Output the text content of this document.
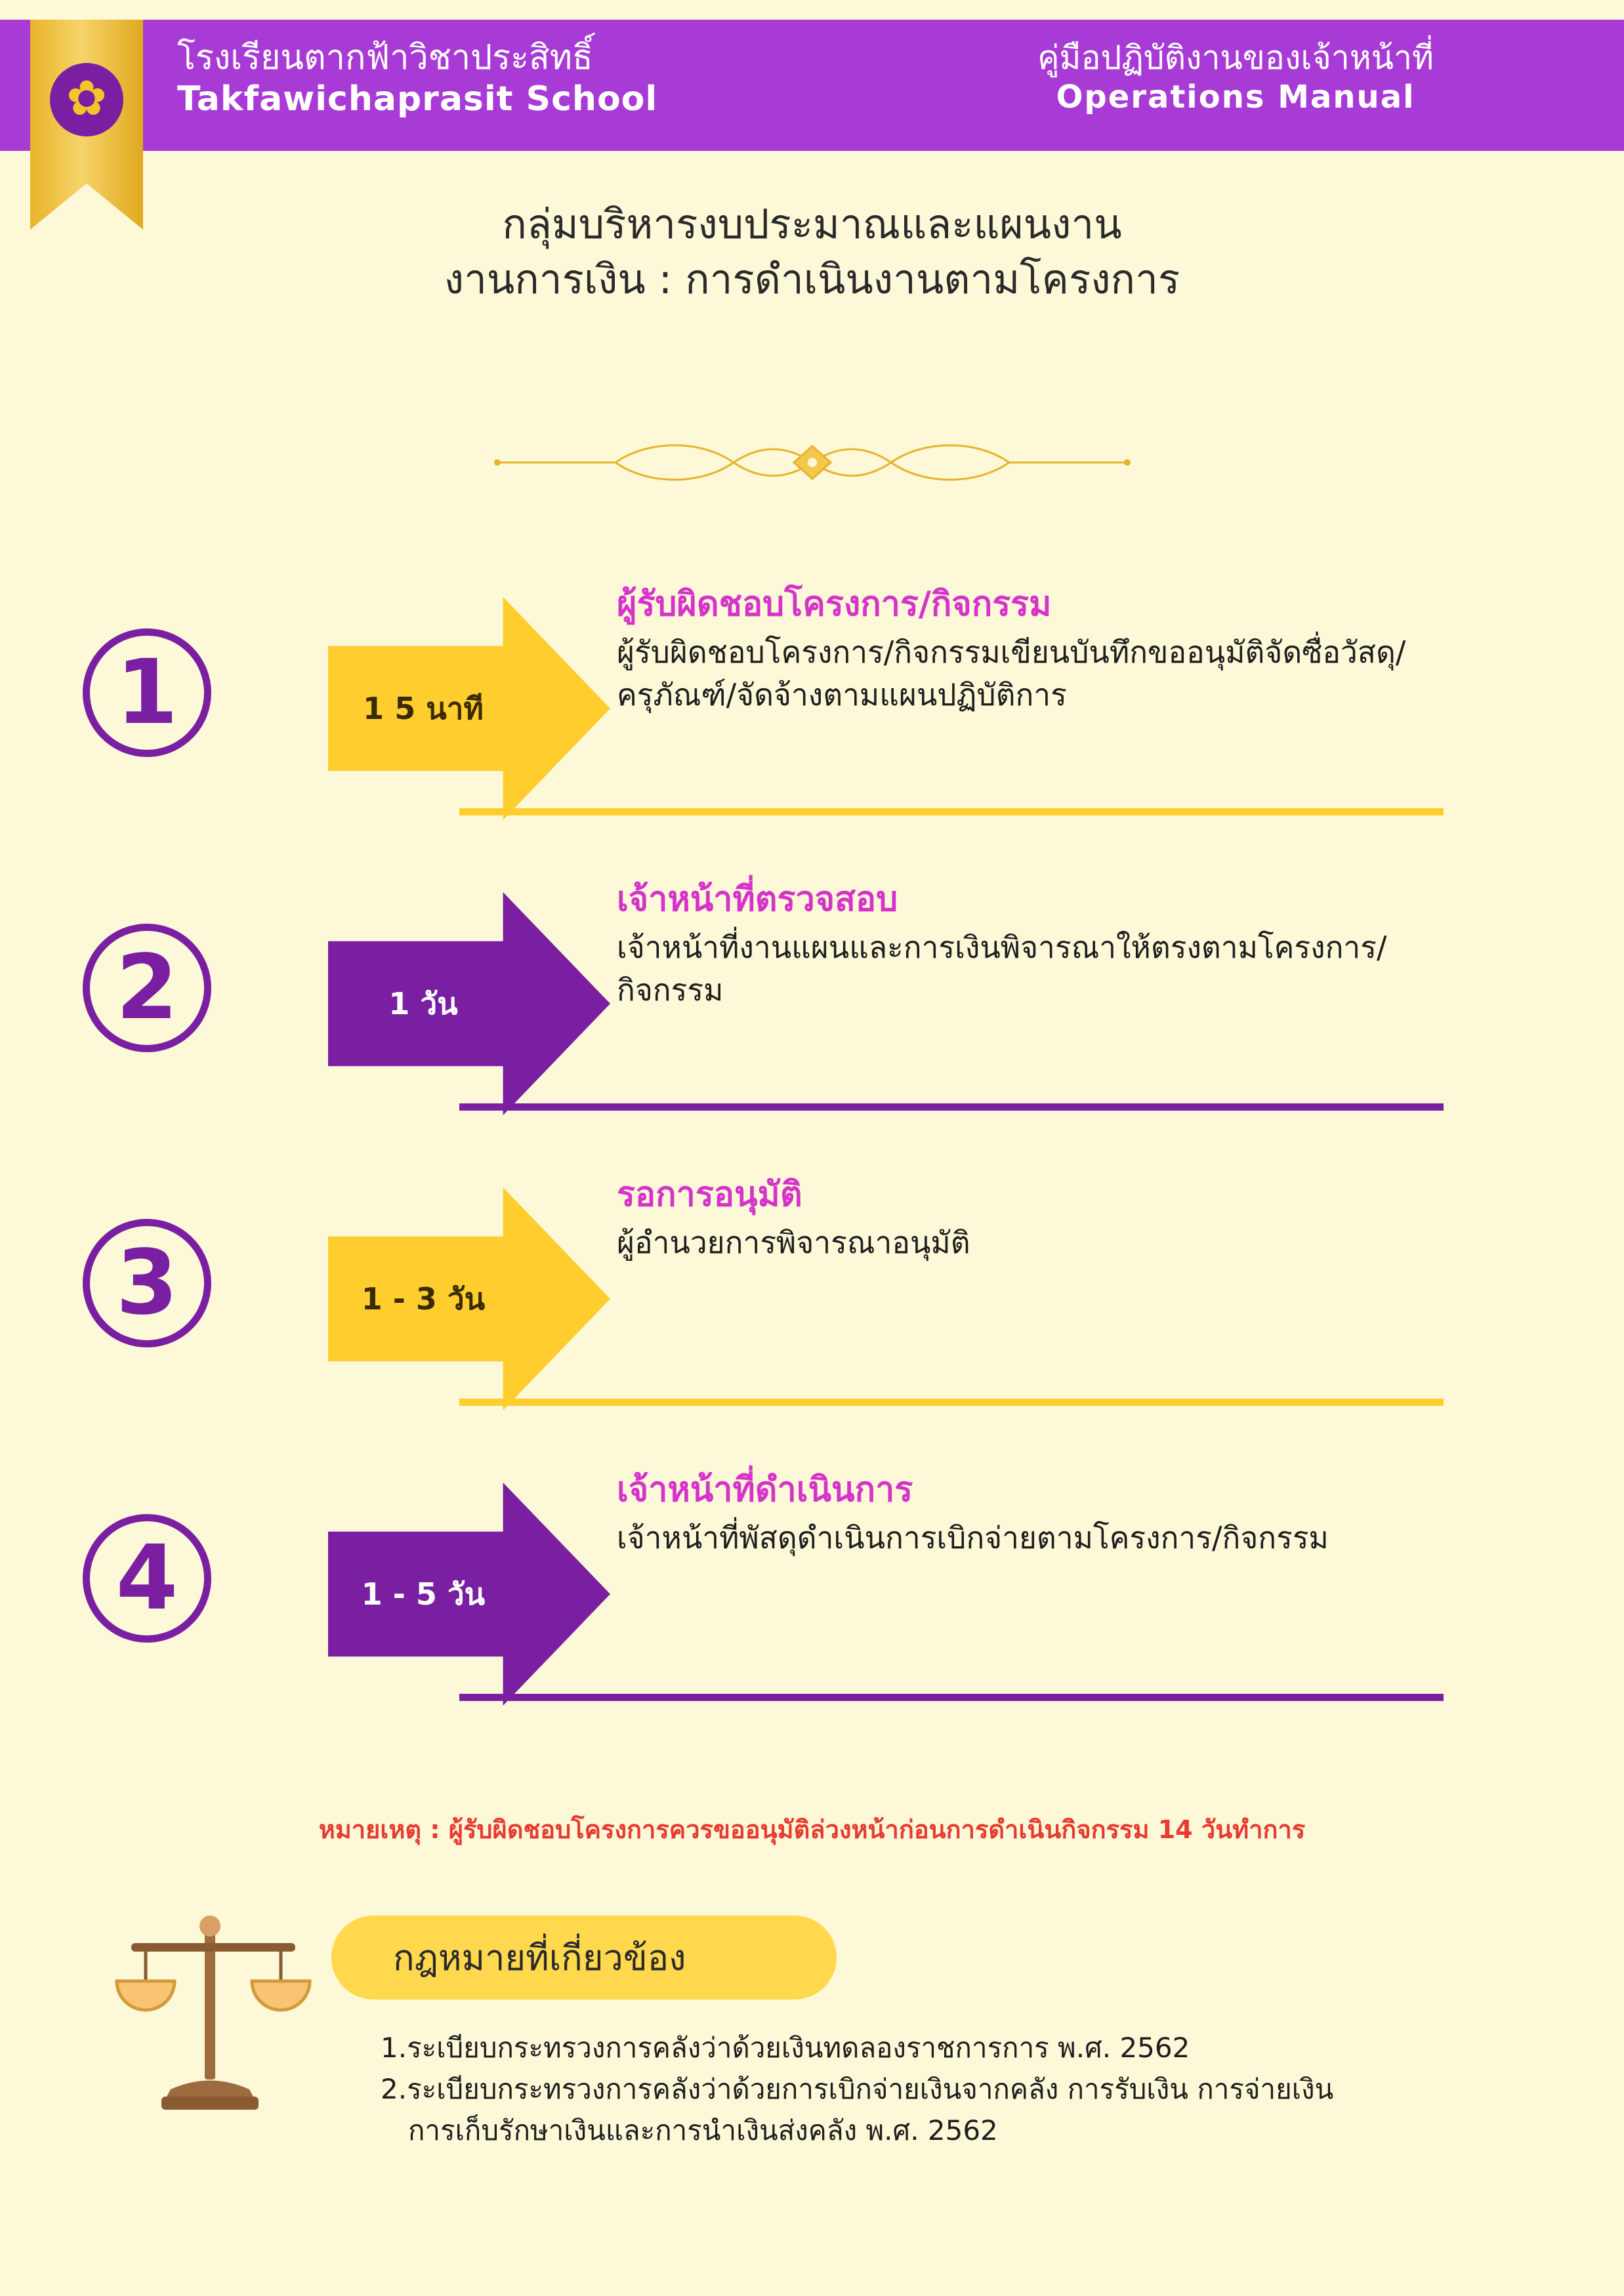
โรงเรียนตากฟ้าวิชาประสิทธิ์
Takfawichaprasit School
คู่มือปฏิบัติงานของเจ้าหน้าที่
Operations Manual
✿
กลุ่มบริหารงบประมาณและแผนงาน
งานการเงิน : การดำเนินงานตามโครงการ
1	1 5 นาที
ผู้รับผิดชอบโครงการ/กิจกรรม
ผู้รับผิดชอบโครงการ/กิจกรรมเขียนบันทึกขออนุมัติจัดซื่อวัสดุ/ครุภัณฑ์/จัดจ้างตามแผนปฏิบัติการ
2	1 วัน
เจ้าหน้าที่ตรวจสอบ
เจ้าหน้าที่งานแผนและการเงินพิจารณาให้ตรงตามโครงการ/กิจกรรม
3	1 - 3 วัน
รอการอนุมัติ
ผู้อำนวยการพิจารณาอนุมัติ
4	1 - 5 วัน
เจ้าหน้าที่ดำเนินการ
เจ้าหน้าที่พัสดุดำเนินการเบิกจ่ายตามโครงการ/กิจกรรม
หมายเหตุ : ผู้รับผิดชอบโครงการควรขออนุมัติล่วงหน้าก่อนการดำเนินกิจกรรม 14 วันทำการ
กฎหมายที่เกี่ยวข้อง
1.ระเบียบกระทรวงการคลังว่าด้วยเงินทดลองราชการการ พ.ศ. 2562
2.ระเบียบกระทรวงการคลังว่าด้วยการเบิกจ่ายเงินจากคลัง การรับเงิน การจ่ายเงิน
การเก็บรักษาเงินและการนำเงินส่งคลัง พ.ศ. 2562
